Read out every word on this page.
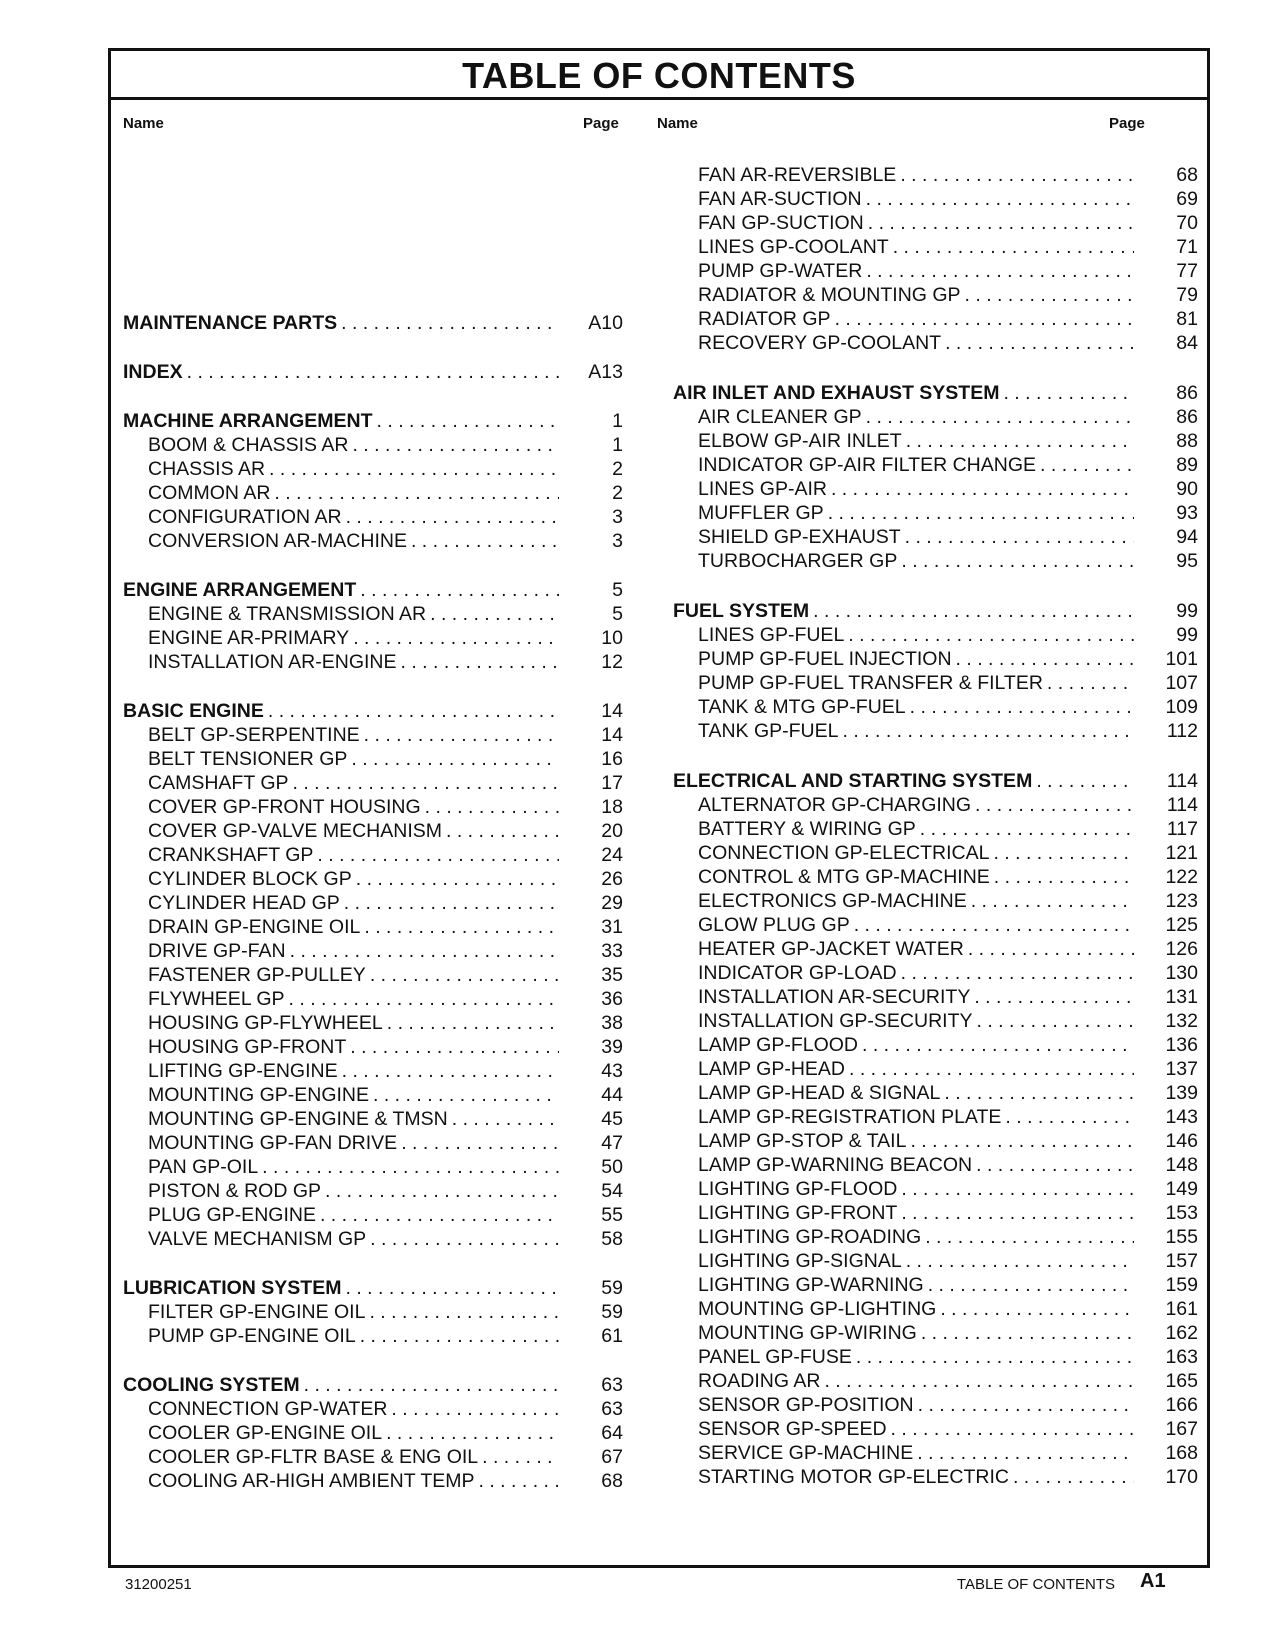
TABLE OF CONTENTS
Name	Page	Name	Page
MAINTENANCE PARTS . . .	A10
INDEX . . .	A13
MACHINE ARRANGEMENT . . .	1
BOOM & CHASSIS AR . . .	1
CHASSIS AR . . .	2
COMMON AR . . .	2
CONFIGURATION AR . . .	3
CONVERSION AR-MACHINE . . .	3
ENGINE ARRANGEMENT . . .	5
ENGINE & TRANSMISSION AR . . .	5
ENGINE AR-PRIMARY . . .	10
INSTALLATION AR-ENGINE . . .	12
BASIC ENGINE . . .	14
BELT GP-SERPENTINE . . .	14
BELT TENSIONER GP . . .	16
CAMSHAFT GP . . .	17
COVER GP-FRONT HOUSING . . .	18
COVER GP-VALVE MECHANISM . . .	20
CRANKSHAFT GP . . .	24
CYLINDER BLOCK GP . . .	26
CYLINDER HEAD GP . . .	29
DRAIN GP-ENGINE OIL . . .	31
DRIVE GP-FAN . . .	33
FASTENER GP-PULLEY . . .	35
FLYWHEEL GP . . .	36
HOUSING GP-FLYWHEEL . . .	38
HOUSING GP-FRONT . . .	39
LIFTING GP-ENGINE . . .	43
MOUNTING GP-ENGINE . . .	44
MOUNTING GP-ENGINE & TMSN . . .	45
MOUNTING GP-FAN DRIVE . . .	47
PAN GP-OIL . . .	50
PISTON & ROD GP . . .	54
PLUG GP-ENGINE . . .	55
VALVE MECHANISM GP . . .	58
LUBRICATION SYSTEM . . .	59
FILTER GP-ENGINE OIL . . .	59
PUMP GP-ENGINE OIL . . .	61
COOLING SYSTEM . . .	63
CONNECTION GP-WATER . . .	63
COOLER GP-ENGINE OIL . . .	64
COOLER GP-FLTR BASE & ENG OIL . . .	67
COOLING AR-HIGH AMBIENT TEMP . . .	68
FAN AR-REVERSIBLE . . .	68
FAN AR-SUCTION . . .	69
FAN GP-SUCTION . . .	70
LINES GP-COOLANT . . .	71
PUMP GP-WATER . . .	77
RADIATOR & MOUNTING GP . . .	79
RADIATOR GP . . .	81
RECOVERY GP-COOLANT . . .	84
AIR INLET AND EXHAUST SYSTEM . . .	86
AIR CLEANER GP . . .	86
ELBOW GP-AIR INLET . . .	88
INDICATOR GP-AIR FILTER CHANGE . . .	89
LINES GP-AIR . . .	90
MUFFLER GP . . .	93
SHIELD GP-EXHAUST . . .	94
TURBOCHARGER GP . . .	95
FUEL SYSTEM . . .	99
LINES GP-FUEL . . .	99
PUMP GP-FUEL INJECTION . . .	101
PUMP GP-FUEL TRANSFER & FILTER . . .	107
TANK & MTG GP-FUEL . . .	109
TANK GP-FUEL . . .	112
ELECTRICAL AND STARTING SYSTEM . . .	114
ALTERNATOR GP-CHARGING . . .	114
BATTERY & WIRING GP . . .	117
CONNECTION GP-ELECTRICAL . . .	121
CONTROL & MTG GP-MACHINE . . .	122
ELECTRONICS GP-MACHINE . . .	123
GLOW PLUG GP . . .	125
HEATER GP-JACKET WATER . . .	126
INDICATOR GP-LOAD . . .	130
INSTALLATION AR-SECURITY . . .	131
INSTALLATION GP-SECURITY . . .	132
LAMP GP-FLOOD . . .	136
LAMP GP-HEAD . . .	137
LAMP GP-HEAD & SIGNAL . . .	139
LAMP GP-REGISTRATION PLATE . . .	143
LAMP GP-STOP & TAIL . . .	146
LAMP GP-WARNING BEACON . . .	148
LIGHTING GP-FLOOD . . .	149
LIGHTING GP-FRONT . . .	153
LIGHTING GP-ROADING . . .	155
LIGHTING GP-SIGNAL . . .	157
LIGHTING GP-WARNING . . .	159
MOUNTING GP-LIGHTING . . .	161
MOUNTING GP-WIRING . . .	162
PANEL GP-FUSE . . .	163
ROADING AR . . .	165
SENSOR GP-POSITION . . .	166
SENSOR GP-SPEED . . .	167
SERVICE GP-MACHINE . . .	168
STARTING MOTOR GP-ELECTRIC . . .	170
31200251	TABLE OF CONTENTS A1
